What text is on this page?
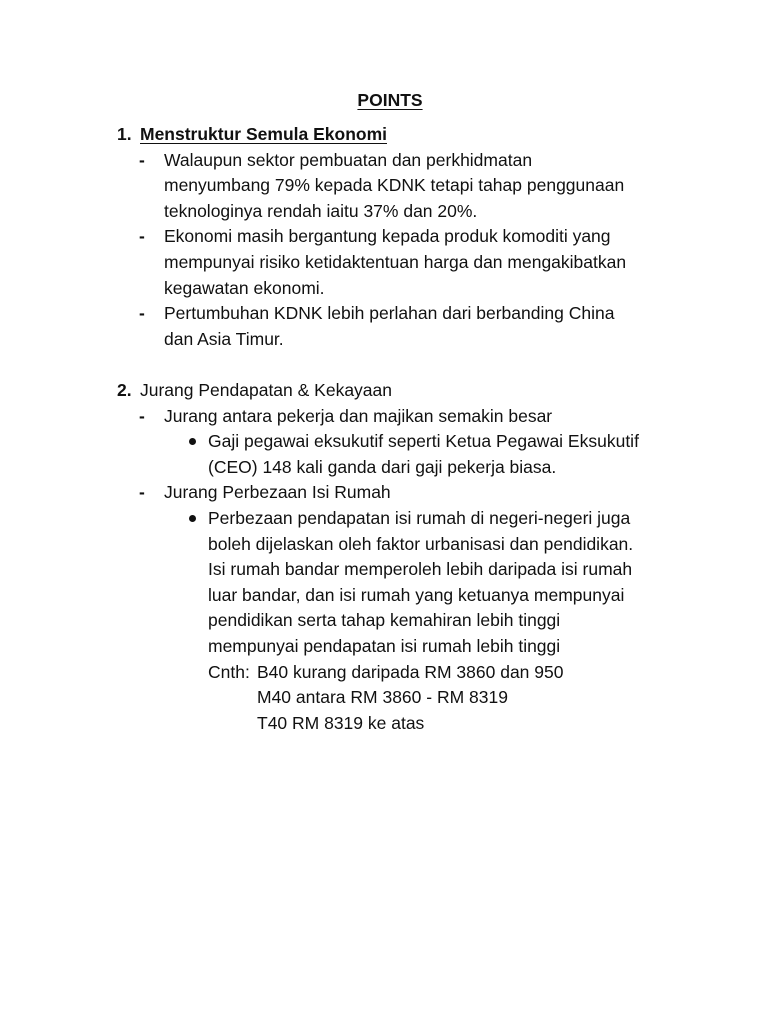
POINTS
1. Menstruktur Semula Ekonomi
-	Walaupun sektor pembuatan dan perkhidmatan
menyumbang 79% kepada KDNK tetapi tahap penggunaan
teknologinya rendah iaitu 37% dan 20%.
-	Ekonomi masih bergantung kepada produk komoditi yang
mempunyai risiko ketidaktentuan harga dan mengakibatkan
kegawatan ekonomi.
-	Pertumbuhan KDNK lebih perlahan dari berbanding China
dan Asia Timur.
2. Jurang Pendapatan & Kekayaan
-	Jurang antara pekerja dan majikan semakin besar
Gaji pegawai eksukutif seperti Ketua Pegawai Eksukutif
(CEO) 148 kali ganda dari gaji pekerja biasa.
-	Jurang Perbezaan Isi Rumah
Perbezaan pendapatan isi rumah di negeri-negeri juga
boleh dijelaskan oleh faktor urbanisasi dan pendidikan.
Isi rumah bandar memperoleh lebih daripada isi rumah
luar bandar, dan isi rumah yang ketuanya mempunyai
pendidikan serta tahap kemahiran lebih tinggi
mempunyai pendapatan isi rumah lebih tinggi
Cnth: B40 kurang daripada RM 3860 dan 950
M40 antara RM 3860 - RM 8319
T40 RM 8319 ke atas
